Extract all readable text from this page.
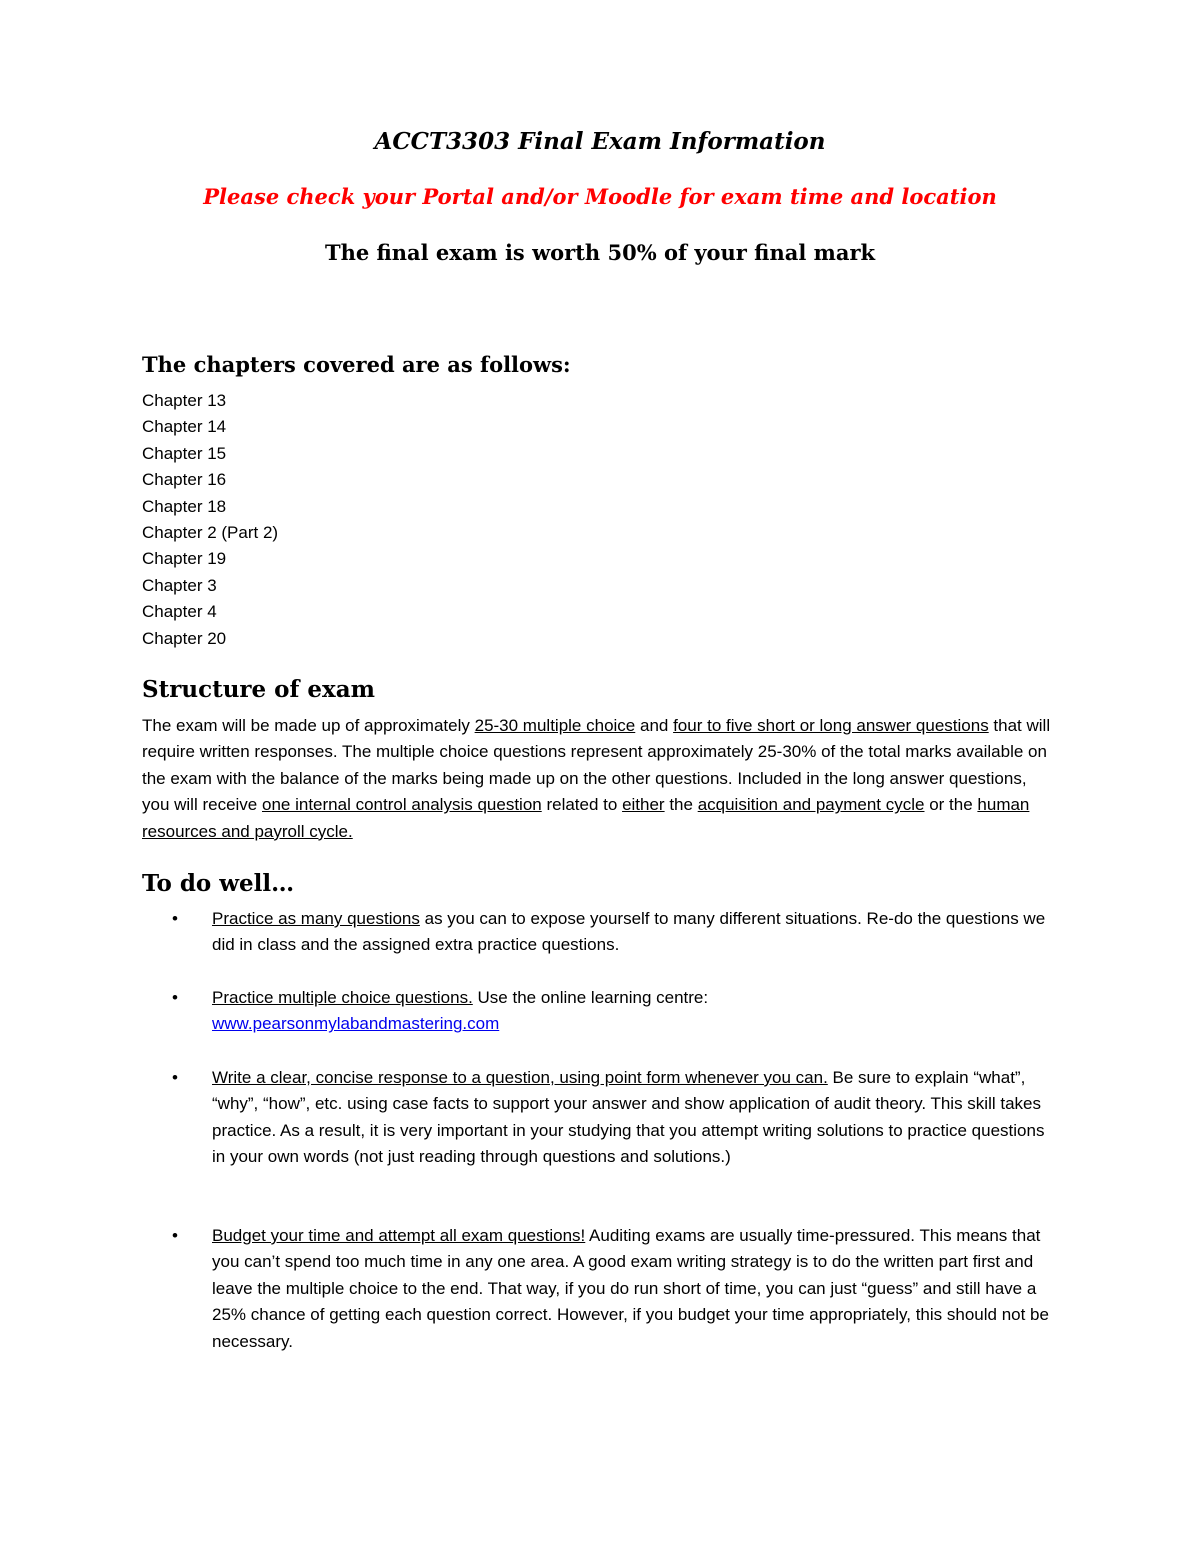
ACCT3303 Final Exam Information
Please check your Portal and/or Moodle for exam time and location
The final exam is worth 50% of your final mark
The chapters covered are as follows:
Chapter 13
Chapter 14
Chapter 15
Chapter 16
Chapter 18
Chapter 2 (Part 2)
Chapter 19
Chapter 3
Chapter 4
Chapter 20
Structure of exam

The exam will be made up of approximately 25-30 multiple choice and four to five short or long answer questions that will require written responses. The multiple choice questions represent approximately 25-30% of the total marks available on the exam with the balance of the marks being made up on the other questions. Included in the long answer questions, you will receive one internal control analysis question related to either the acquisition and payment cycle or the human resources and payroll cycle.

To do well…
• Practice as many questions as you can to expose yourself to many different situations. Re-do the questions we did in class and the assigned extra practice questions.

• Practice multiple choice questions. Use the online learning centre:
www.pearsonmylabandmastering.com

• Write a clear, concise response to a question, using point form whenever you can. Be sure to explain “what”, “why”, “how”, etc. using case facts to support your answer and show application of audit theory. This skill takes practice. As a result, it is very important in your studying that you attempt writing solutions to practice questions in your own words (not just reading through questions and solutions.)

• Budget your time and attempt all exam questions! Auditing exams are usually time-pressured. This means that you can’t spend too much time in any one area. A good exam writing strategy is to do the written part first and leave the multiple choice to the end. That way, if you do run short of time, you can just “guess” and still have a 25% chance of getting each question correct. However, if you budget your time appropriately, this should not be necessary.
